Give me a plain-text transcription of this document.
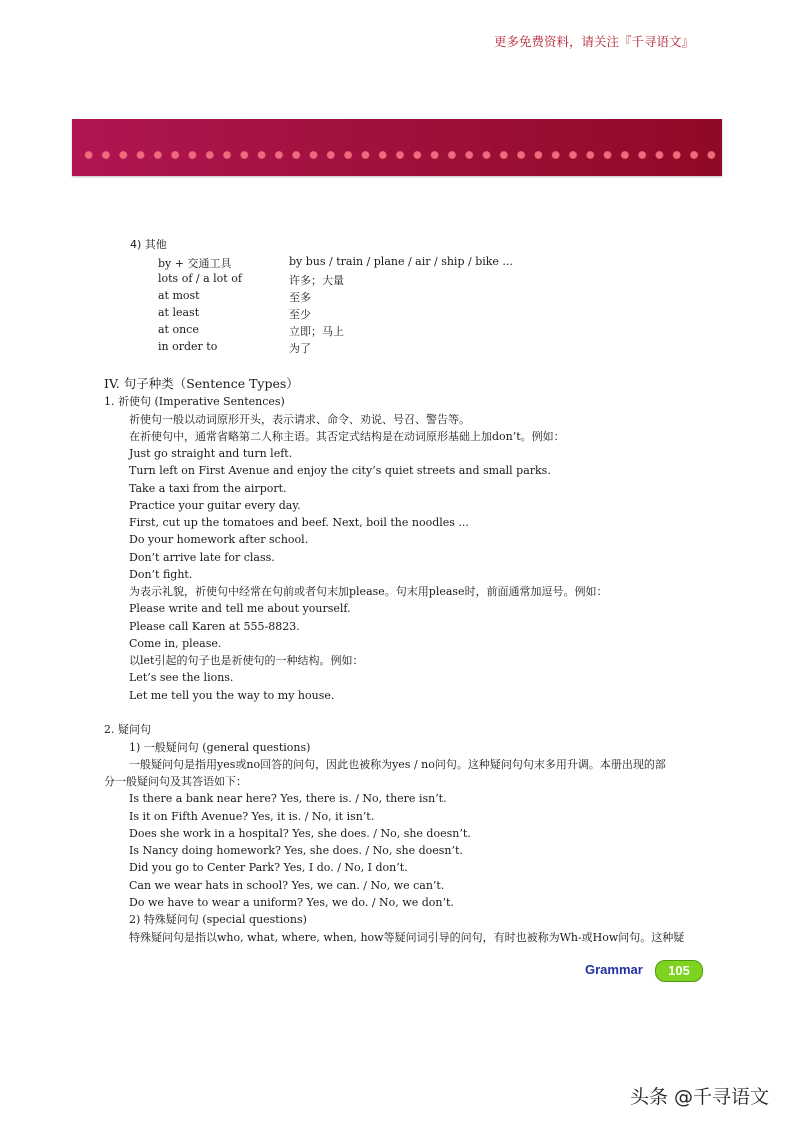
更多免费资料，请关注『千寻语文』
4) 其他
by + 交通工具	by bus / train / plane / air / ship / bike ...
lots of / a lot of	许多；大量
at most	至多
at least	至少
at once	立即；马上
in order to	为了
IV. 句子种类（Sentence Types）
1. 祈使句 (Imperative Sentences)
祈使句一般以动词原形开头，表示请求、命令、劝说、号召、警告等。
在祈使句中，通常省略第二人称主语。其否定式结构是在动词原形基础上加don’t。例如：
Just go straight and turn left.
Turn left on First Avenue and enjoy the city’s quiet streets and small parks.
Take a taxi from the airport.
Practice your guitar every day.
First, cut up the tomatoes and beef. Next, boil the noodles ...
Do your homework after school.
Don’t arrive late for class.
Don’t fight.
为表示礼貌，祈使句中经常在句前或者句末加please。句末用please时，前面通常加逗号。例如：
Please write and tell me about yourself.
Please call Karen at 555-8823.
Come in, please.
以let引起的句子也是祈使句的一种结构。例如：
Let’s see the lions.
Let me tell you the way to my house.
2. 疑问句
1) 一般疑问句 (general questions)
一般疑问句是指用yes或no回答的问句，因此也被称为yes / no问句。这种疑问句句末多用升调。本册出现的部
分一般疑问句及其答语如下：
Is there a bank near here? Yes, there is. / No, there isn’t.
Is it on Fifth Avenue? Yes, it is. / No, it isn’t.
Does she work in a hospital? Yes, she does. / No, she doesn’t.
Is Nancy doing homework? Yes, she does. / No, she doesn’t.
Did you go to Center Park? Yes, I do. / No, I don’t.
Can we wear hats in school? Yes, we can. / No, we can’t.
Do we have to wear a uniform? Yes, we do. / No, we don’t.
2) 特殊疑问句 (special questions)
特殊疑问句是指以who, what, where, when, how等疑问词引导的问句，有时也被称为Wh-或How问句。这种疑
Grammar	105
头条 @千寻语文
